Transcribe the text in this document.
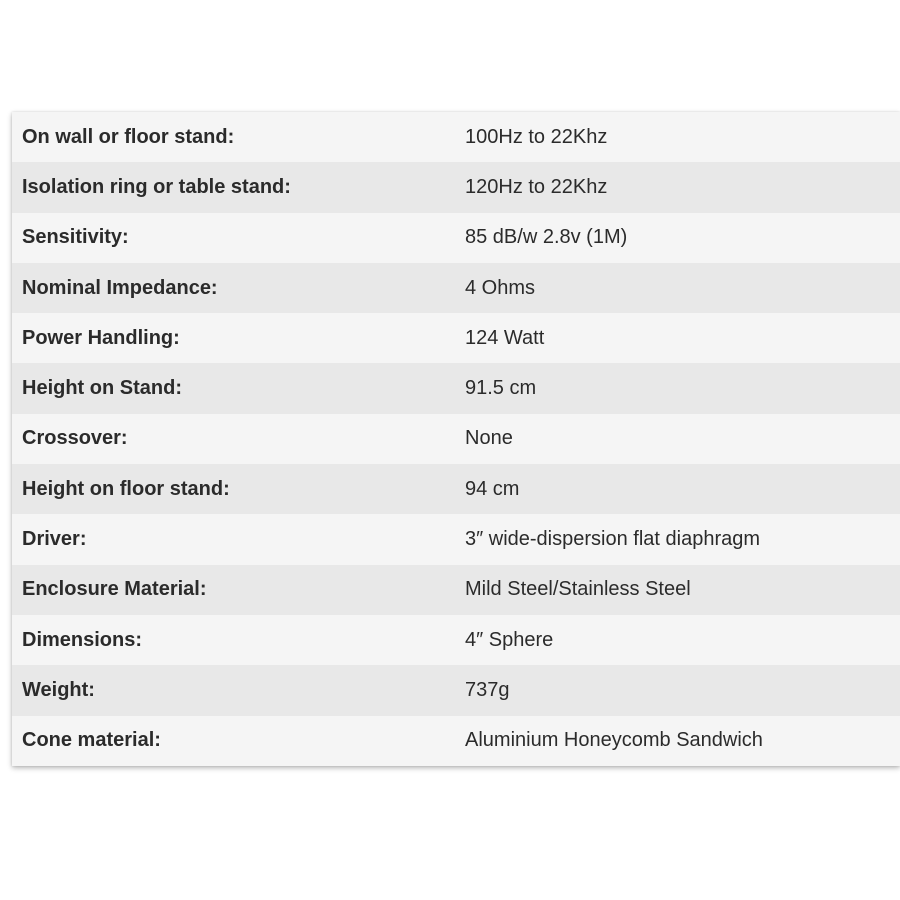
On wall or floor stand:	100Hz to 22Khz
Isolation ring or table stand:	120Hz to 22Khz
Sensitivity:	85 dB/w 2.8v (1M)
Nominal Impedance:	4 Ohms
Power Handling:	124 Watt
Height on Stand:	91.5 cm
Crossover:	None
Height on floor stand:	94 cm
Driver:	3″ wide-dispersion flat diaphragm
Enclosure Material:	Mild Steel/Stainless Steel
Dimensions:	4″ Sphere
Weight:	737g
Cone material:	Aluminium Honeycomb Sandwich
